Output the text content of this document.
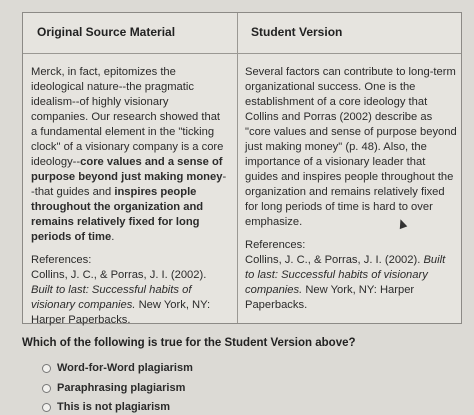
Original Source Material	Student Version
Merck, in fact, epitomizes the ideological nature--the pragmatic idealism--of highly visionary companies. Our research showed that a fundamental element in the "ticking clock" of a visionary company is a core ideology--core values and a sense of purpose beyond just making money--that guides and inspires people throughout the organization and remains relatively fixed for long periods of time.
References:
Collins, J. C., & Porras, J. I. (2002). Built to last: Successful habits of visionary companies. New York, NY: Harper Paperbacks.
Several factors can contribute to long-term organizational success. One is the establishment of a core ideology that Collins and Porras (2002) describe as "core values and sense of purpose beyond just making money" (p. 48). Also, the importance of a visionary leader that guides and inspires people throughout the organization and remains relatively fixed for long periods of time is hard to over emphasize.
References:
Collins, J. C., & Porras, J. I. (2002). Built to last: Successful habits of visionary companies. New York, NY: Harper Paperbacks.
Which of the following is true for the Student Version above?
Word-for-Word plagiarism
Paraphrasing plagiarism
This is not plagiarism
